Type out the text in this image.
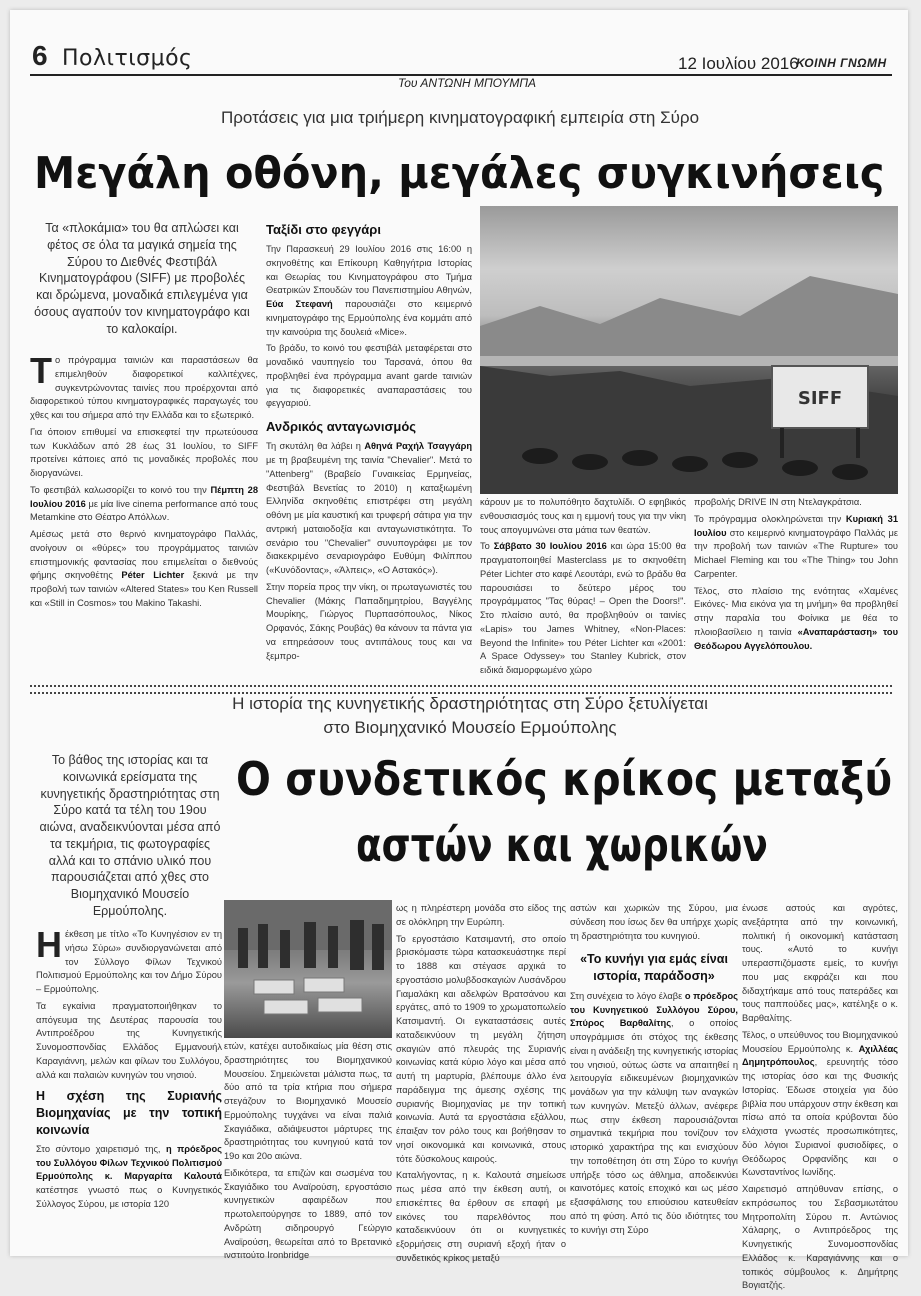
6 Πολιτισμός	12 Ιουλίου 2016
ΚΟΙΝΗ ΓΝΩΜΗ
Του ΑΝΤΩΝΗ ΜΠΟΥΜΠΑ
Προτάσεις για μια τριήμερη κινηματογραφική εμπειρία στη Σύρο
Μεγάλη οθόνη, μεγάλες συγκινήσεις
Τα «πλοκάμια» του θα απλώσει και φέτος σε όλα τα μαγικά σημεία της Σύρου το Διεθνές Φεστιβάλ Κινηματογράφου (SIFF) με προβολές και δρώμενα, μοναδικά επιλεγμένα για όσους αγαπούν τον κινηματογράφο και το καλοκαίρι.

Το πρόγραμμα ταινιών και παραστάσεων θα επιμεληθούν διαφορετικοί καλλιτέχνες, συγκεντρώνοντας ταινίες που προέρχονται από διαφορετικού τύπου κινηματογραφικές παραγωγές του χθες και του σήμερα από την Ελλάδα και το εξωτερικό.

Για όποιον επιθυμεί να επισκεφτεί την πρωτεύουσα των Κυκλάδων από 28 έως 31 Ιουλίου, το SIFF προτείνει κάποιες από τις μοναδικές προβολές που διοργανώνει.

Το φεστιβάλ καλωσορίζει το κοινό του την Πέμπτη 28 Ιουλίου 2016 με μία live cinema performance από τους Metamkine στο Θέατρο Απόλλων.

Αμέσως μετά στο θερινό κινηματογράφο Παλλάς, ανοίγουν οι «θύρες» του προγράμματος ταινιών επιστημονικής φαντασίας που επιμελείται ο διεθνούς φήμης σκηνοθέτης Péter Lichter ξεκινά με την προβολή των ταινιών «Altered States» του Ken Russell και «Still in Cosmos» του Makino Takashi.

Ταξίδι στο φεγγάρι

Την Παρασκευή 29 Ιουλίου 2016 στις 16:00 η σκηνοθέτης και Επίκουρη Καθηγήτρια Ιστορίας και Θεωρίας του Κινηματογράφου στο Τμήμα Θεατρικών Σπουδών του Πανεπιστημίου Αθηνών, Εύα Στεφανή παρουσιάζει στο κειμερινό κινηματογράφο της Ερμούπολης ένα κομμάτι από την καινούρια της δουλειά «Mice».

Το βράδυ, το κοινό του φεστιβάλ μεταφέρεται στο μοναδικό ναυπηγείο του Ταρσανά, όπου θα προβληθεί ένα πρόγραμμα avant garde ταινιών για τις διαφορετικές αναπαραστάσεις του φεγγαριού.

Ανδρικός ανταγωνισμός

Τη σκυτάλη θα λάβει η Αθηνά Ραχήλ Τσαγγάρη με τη βραβευμένη της ταινία "Chevalier". Μετά το "Attenberg" (Βραβείο Γυναικείας Ερμηνείας, Φεστιβάλ Βενετίας το 2010) η καταξιωμένη Ελληνίδα σκηνοθέτις επιστρέφει στη μεγάλη οθόνη με μία καυστική και τρυφερή σάτιρα για την αντρική ματαιοδοξία και ανταγωνιστικότητα. Το σενάριο του "Chevalier" συνυπογράφει με τον διακεκριμένο σεναριογράφο Ευθύμη Φιλίππου («Κυνόδοντας», «Άλπεις», «Ο Αστακός»).

Στην πορεία προς την νίκη, οι πρωταγωνιστές του Chevalier (Μάκης Παπαδημητρίου, Βαγγέλης Μουρίκης, Γιώργος Πυρπασόπουλος, Νίκος Ορφανός, Σάκης Ρουβάς) θα κάνουν τα πάντα για να επηρεάσουν τους αντιπάλους τους και να ξεμπρο-

SIFF

κάρουν με το πολυπόθητο δαχτυλίδι. Ο εφηβικός ενθουσιασμός τους και η εμμονή τους για την νίκη τους απογυμνώνει στα μάτια των θεατών.

Το Σάββατο 30 Ιουλίου 2016 και ώρα 15:00 θα πραγματοποιηθεί Masterclass με το σκηνοθέτη Péter Lichter στο καφέ Λεουτάρι, ενώ το βράδυ θα παρουσιάσει το δεύτερο μέρος του προγράμματος "Τας θύρας! – Open the Doors!". Στο πλαίσιο αυτό, θα προβληθούν οι ταινίες «Lapis» του James Whitney, «Non-Places: Beyond the Infinite» του Péter Lichter και «2001: A Space Odyssey» του Stanley Kubrick, στον ειδικά διαμορφωμένο χώρο

προβολής DRIVE IN στη Ντελαγκράτσια.

Το πρόγραμμα ολοκληρώνεται την Κυριακή 31 Ιουλίου στο κειμερινό κινηματογράφο Παλλάς με την προβολή των ταινιών «The Rupture» του Michael Fleming και του «The Thing» του John Carpenter.

Τέλος, στο πλαίσιο της ενότητας «Χαμένες Εικόνες- Μια εικόνα για τη μνήμη» θα προβληθεί στην παραλία του Φοίνικα με θέα το πλοιοβασίλειο η ταινία «Αναπαράσταση» του Θεόδωρου Αγγελόπουλου.

Η ιστορία της κυνηγετικής δραστηριότητας στη Σύρο ξετυλίγεται
στο Βιομηχανικό Μουσείο Ερμούπολης
Το βάθος της ιστορίας και τα κοινωνικά ερείσματα της κυνηγετικής δραστηριότητας στη Σύρο κατά τα τέλη του 19ου αιώνα, αναδεικνύονται μέσα από τα τεκμήρια, τις φωτογραφίες αλλά και το σπάνιο υλικό που παρουσιάζεται από χθες στο Βιομηχανικό Μουσείο Ερμούπολης.
Ο συνδετικός κρίκος μεταξύ
αστών και χωρικών

Ηέκθεση με τίτλο «Το Κυνηγέσιον εν τη νήσω Σύρω» συνδιοργανώνεται από τον Σύλλογο Φίλων Τεχνικού Πολιτισμού Ερμούπολης και τον Δήμο Σύρου – Ερμούπολης.

Τα εγκαίνια πραγματοποιήθηκαν το απόγευμα της Δευτέρας παρουσία του Αντιπροέδρου της Κυνηγετικής Συνομοσπονδίας Ελλάδος Εμμανουήλ Καραγιάννη, μελών και φίλων του Συλλόγου, αλλά και παλαιών κυνηγών του νησιού.

Η σχέση της Συριανής Βιομηχανίας με την τοπική κοινωνία

Στο σύντομο χαιρετισμό της, η πρόεδρος του Συλλόγου Φίλων Τεχνικού Πολιτισμού Ερμούπολης κ. Μαργαρίτα Καλουτά κατέστησε γνωστό πως ο Κυνηγετικός Σύλλογος Σύρου, με ιστορία 120

ετών, κατέχει αυτοδικαίως μία θέση στις δραστηριότητες του Βιομηχανικού Μουσείου. Σημειώνεται μάλιστα πως, τα δύο από τα τρία κτήρια που σήμερα στεγάζουν το Βιομηχανικό Μουσείο Ερμούπολης τυγχάνει να είναι παλιά Σκαγιάδικα, αδιάψευστοι μάρτυρες της δραστηριότητας του κυνηγιού κατά τον 19ο και 20ο αιώνα.

Ειδικότερα, τα επιζών και σωσμένα του Σκαγιάδικο του Αναϊρούση, εργοστάσιο κυνηγετικών αφαιρέδων που πρωτολειτούργησε το 1889, από τον Ανδρώτη σιδηρουργό Γεώργιο Αναϊρούση, θεωρείται από το Βρετανικό ινστιτούτο Ironbridge

ως η πληρέστερη μονάδα στο είδος της σε ολόκληρη την Ευρώπη.

Το εργοστάσιο Κατσιμαντή, στο οποίο βρισκόμαστε τώρα κατασκευάστηκε περί το 1888 και στέγασε αρχικά το εργοστάσιο μολυβδοσκαγιών Λυσάνδρου Γιαμαλάκη και αδελφών Βρατσάνου και εργάτες, από το 1909 το χρωματοπωλείο Κατσιμαντή. Οι εγκαταστάσεις αυτές καταδεικνύουν τη μεγάλη ζήτηση σκαγιών από πλευράς της Συριανής κοινωνίας κατά κύριο λόγο και μέσα από αυτή τη μαρτυρία, βλέπουμε άλλο ένα παράδειγμα της άμεσης σχέσης της συριανής Βιομηχανίας με την τοπική κοινωνία. Αυτά τα εργοστάσια εξάλλου, έπαιξαν τον ρόλο τους και βοήθησαν το νησί οικονομικά και κοινωνικά, στους τότε δύσκολους καιρούς.

Καταλήγοντας, η κ. Καλουτά σημείωσε πως μέσα από την έκθεση αυτή, οι επισκέπτες θα έρθουν σε επαφή με εικόνες του παρελθόντος που καταδεικνύουν ότι οι κυνηγετικές εξορμήσεις στη συριανή εξοχή ήταν ο συνδετικός κρίκος μεταξύ

αστών και χωρικών της Σύρου, μια σύνδεση που ίσως δεν θα υπήρχε χωρίς τη δραστηριότητα του κυνηγιού.

«Το κυνήγι για εμάς είναι ιστορία, παράδοση»

Στη συνέχεια το λόγο έλαβε ο πρόεδρος του Κυνηγετικού Συλλόγου Σύρου, Σπύρος Βαρθαλίτης, ο οποίος υπογράμμισε ότι στόχος της έκθεσης είναι η ανάδειξη της κυνηγετικής ιστορίας του νησιού, ούτως ώστε να απαιτηθεί η λειτουργία ειδικευμένων βιομηχανικών μονάδων για την κάλυψη των αναγκών των κυνηγών. Μετεξύ άλλων, ανέφερε πως στην έκθεση παρουσιάζονται σημαντικά τεκμήρια που τονίζουν τον ιστορικό χαρακτήρα της και ενισχύουν την τοποθέτηση ότι στη Σύρο το κυνήγι υπήρξε τόσο ως άθλημα, αποδεικνύει καινοτόμες κατοίς εποχικό και ως μέσο εξασφάλισης του επιούσιου κατευθείαν από τη φύση. Από τις δύο ιδιότητες του το κυνήγι στη Σύρο

ένωσε αστούς και αγρότες, ανεξάρτητα από την κοινωνική, πολιτική ή οικονομική κατάσταση τους. «Αυτό το κυνήγι υπερασπιζόμαστε εμείς, το κυνήγι που μας εκφράζει και που διδαχτήκαμε από τους πατεράδες και τους παππούδες μας», κατέληξε ο κ. Βαρθαλίτης.

Τέλος, ο υπεύθυνος του Βιομηχανικού Μουσείου Ερμούπολης κ. Αχιλλέας Δημητρόπουλος, ερευνητής τόσο της ιστορίας όσο και της Φυσικής Ιστορίας. Έδωσε στοιχεία για δύο βιβλία που υπάρχουν στην έκθεση και πίσω από τα οποία κρύβονται δύο ελάχιστα γνωστές προσωπικότητες, δύο λόγιοι Συριανοί φυσιοδίφες, ο Θεόδωρος Ορφανίδης και ο Κωνσταντίνος Ιωνίδης.

Χαιρετισμό απηύθυναν επίσης, ο εκπρόσωπος του Σεβασμιωτάτου Μητροπολίτη Σύρου π. Αντώνιος Χάλαρης, ο Αντιπρόεδρος της Κυνηγετικής Συνομοσπονδίας Ελλάδος κ. Καραγιάννης και ο τοπικός σύμβουλος κ. Δημήτρης Βογιατζής.
